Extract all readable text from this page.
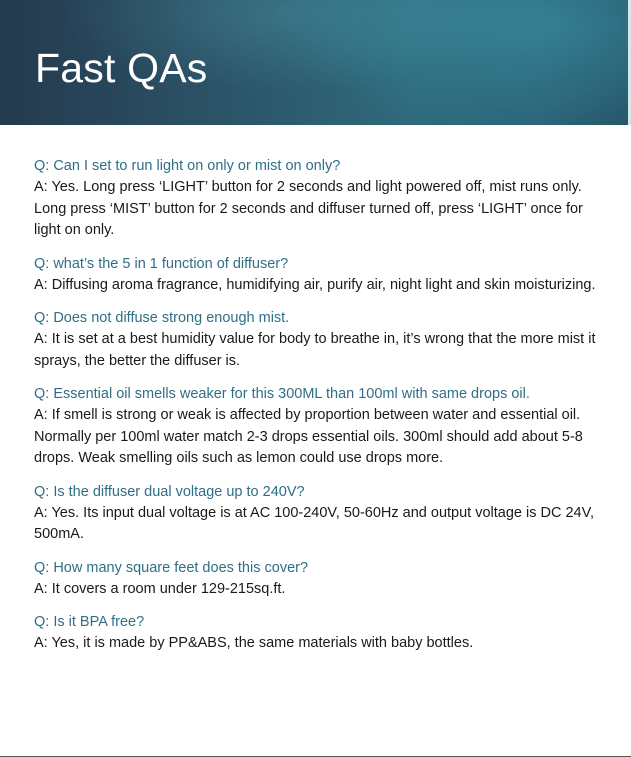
Fast QAs

Q: Can I set to run light on only or mist on only?

A: Yes. Long press ‘LIGHT’ button for 2 seconds and light powered off, mist runs only. Long press ‘MIST’ button for 2 seconds and diffuser turned off, press ‘LIGHT’ once for light on only.

Q: what’s the 5 in 1 function of diffuser?

A: Diffusing aroma fragrance, humidifying air, purify air, night light and skin moisturizing.

Q: Does not diffuse strong enough mist.

A: It is set at a best humidity value for body to breathe in, it’s wrong that the more mist it sprays, the better the diffuser is.

Q: Essential oil smells weaker for this 300ML than 100ml with same drops oil.

A: If smell is strong or weak is affected by proportion between water and essential oil. Normally per 100ml water match 2-3 drops essential oils. 300ml should add about 5-8 drops. Weak smelling oils such as lemon could use drops more.

Q: Is the diffuser dual voltage up to 240V?

A: Yes. Its input dual voltage is at AC 100-240V, 50-60Hz and output voltage is DC 24V, 500mA.

Q: How many square feet does this cover?

A: It covers a room under 129-215sq.ft.

Q: Is it BPA free?

A: Yes, it is made by PP&ABS, the same materials with baby bottles.
